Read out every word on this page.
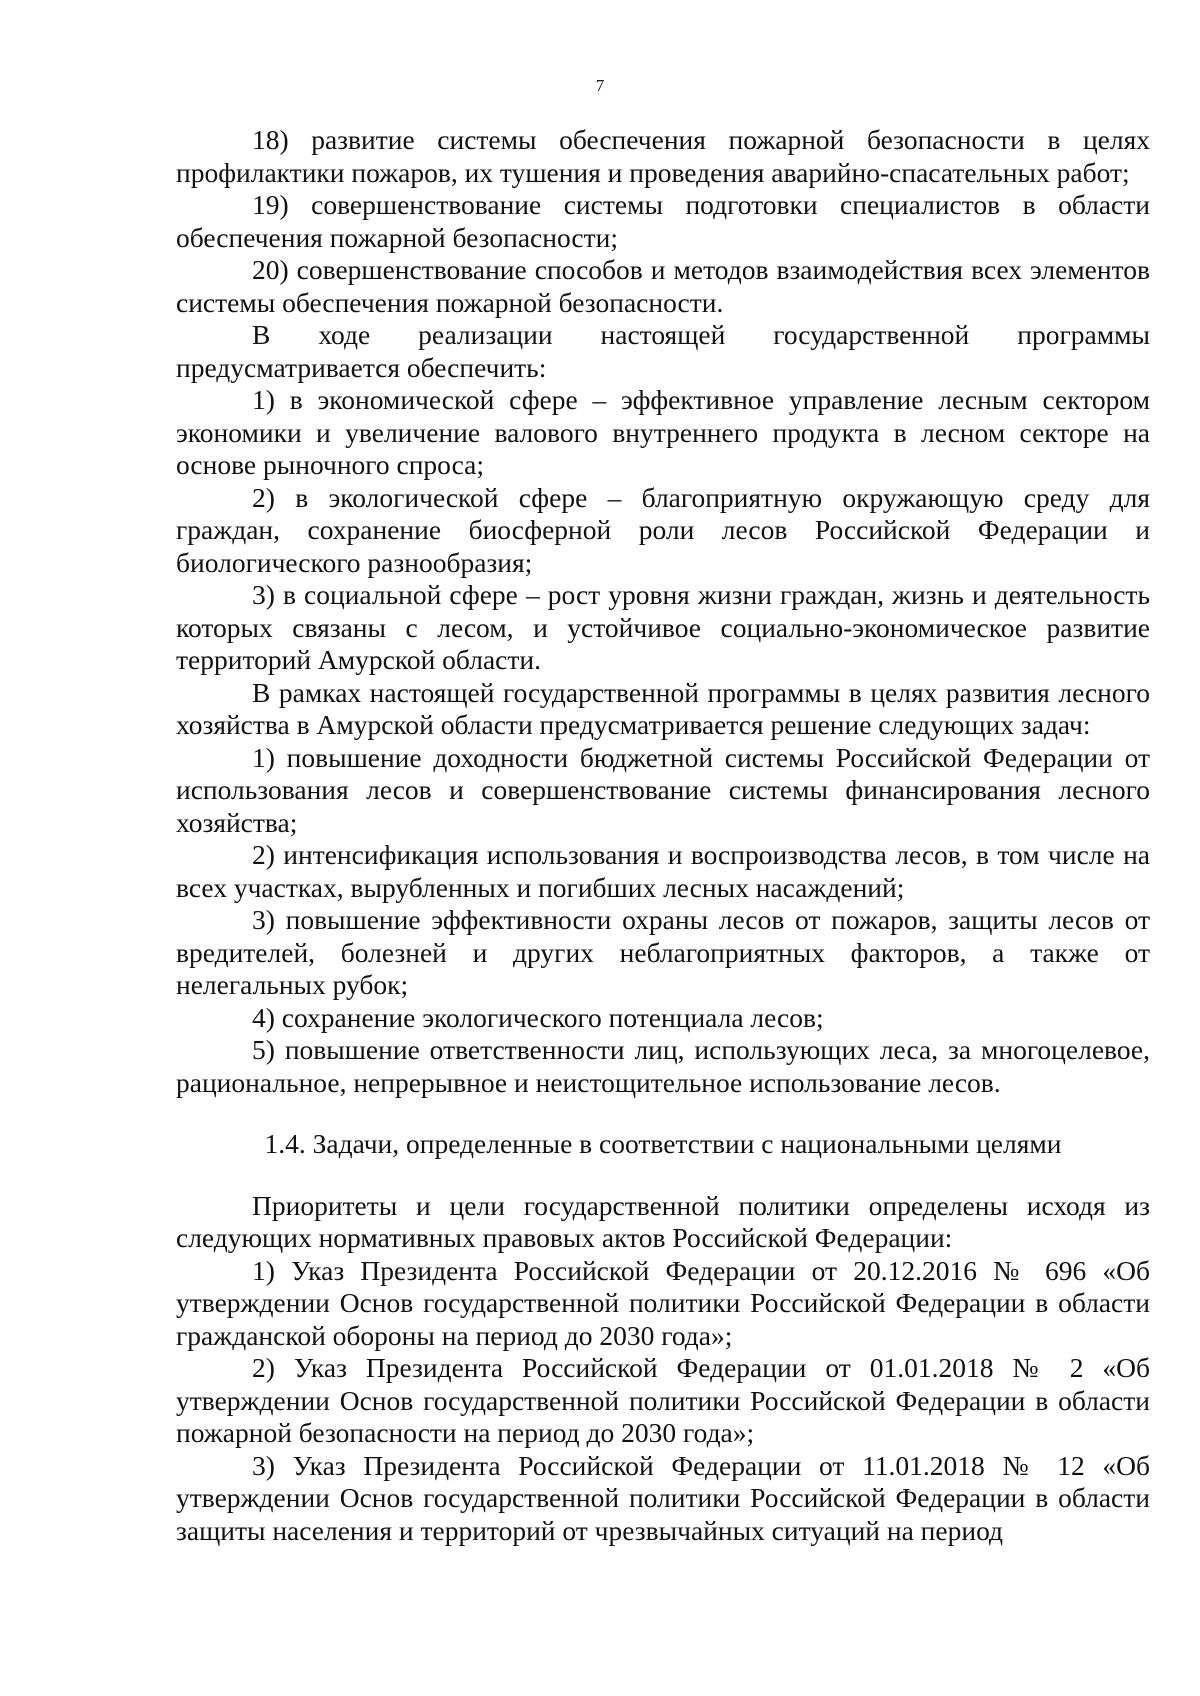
7

18) развитие системы обеспечения пожарной безопасности в целях профилактики пожаров, их тушения и проведения аварийно-спасательных работ;

19) совершенствование системы подготовки специалистов в области обеспечения пожарной безопасности;

20) совершенствование способов и методов взаимодействия всех элементов системы обеспечения пожарной безопасности.

В ходе реализации настоящей государственной программы предусматривается обеспечить:

1) в экономической сфере – эффективное управление лесным сектором экономики и увеличение валового внутреннего продукта в лесном секторе на основе рыночного спроса;

2) в экологической сфере – благоприятную окружающую среду для граждан, сохранение биосферной роли лесов Российской Федерации и биологического разнообразия;

3) в социальной сфере – рост уровня жизни граждан, жизнь и деятельность которых связаны с лесом, и устойчивое социально-экономическое развитие территорий Амурской области.

В рамках настоящей государственной программы в целях развития лесного хозяйства в Амурской области предусматривается решение следующих задач:

1) повышение доходности бюджетной системы Российской Федерации от использования лесов и совершенствование системы финансирования лесного хозяйства;

2) интенсификация использования и воспроизводства лесов, в том числе на всех участках, вырубленных и погибших лесных насаждений;

3) повышение эффективности охраны лесов от пожаров, защиты лесов от вредителей, болезней и других неблагоприятных факторов, а также от нелегальных рубок;

4) сохранение экологического потенциала лесов;

5) повышение ответственности лиц, использующих леса, за многоцелевое, рациональное, непрерывное и неистощительное использование лесов.

1.4. Задачи, определенные в соответствии с национальными целями

Приоритеты и цели государственной политики определены исходя из следующих нормативных правовых актов Российской Федерации:

1) Указ Президента Российской Федерации от 20.12.2016 № 696 «Об утверждении Основ государственной политики Российской Федерации в области гражданской обороны на период до 2030 года»;

2) Указ Президента Российской Федерации от 01.01.2018 № 2 «Об утверждении Основ государственной политики Российской Федерации в области пожарной безопасности на период до 2030 года»;

3) Указ Президента Российской Федерации от 11.01.2018 № 12 «Об утверждении Основ государственной политики Российской Федерации в области защиты населения и территорий от чрезвычайных ситуаций на период
